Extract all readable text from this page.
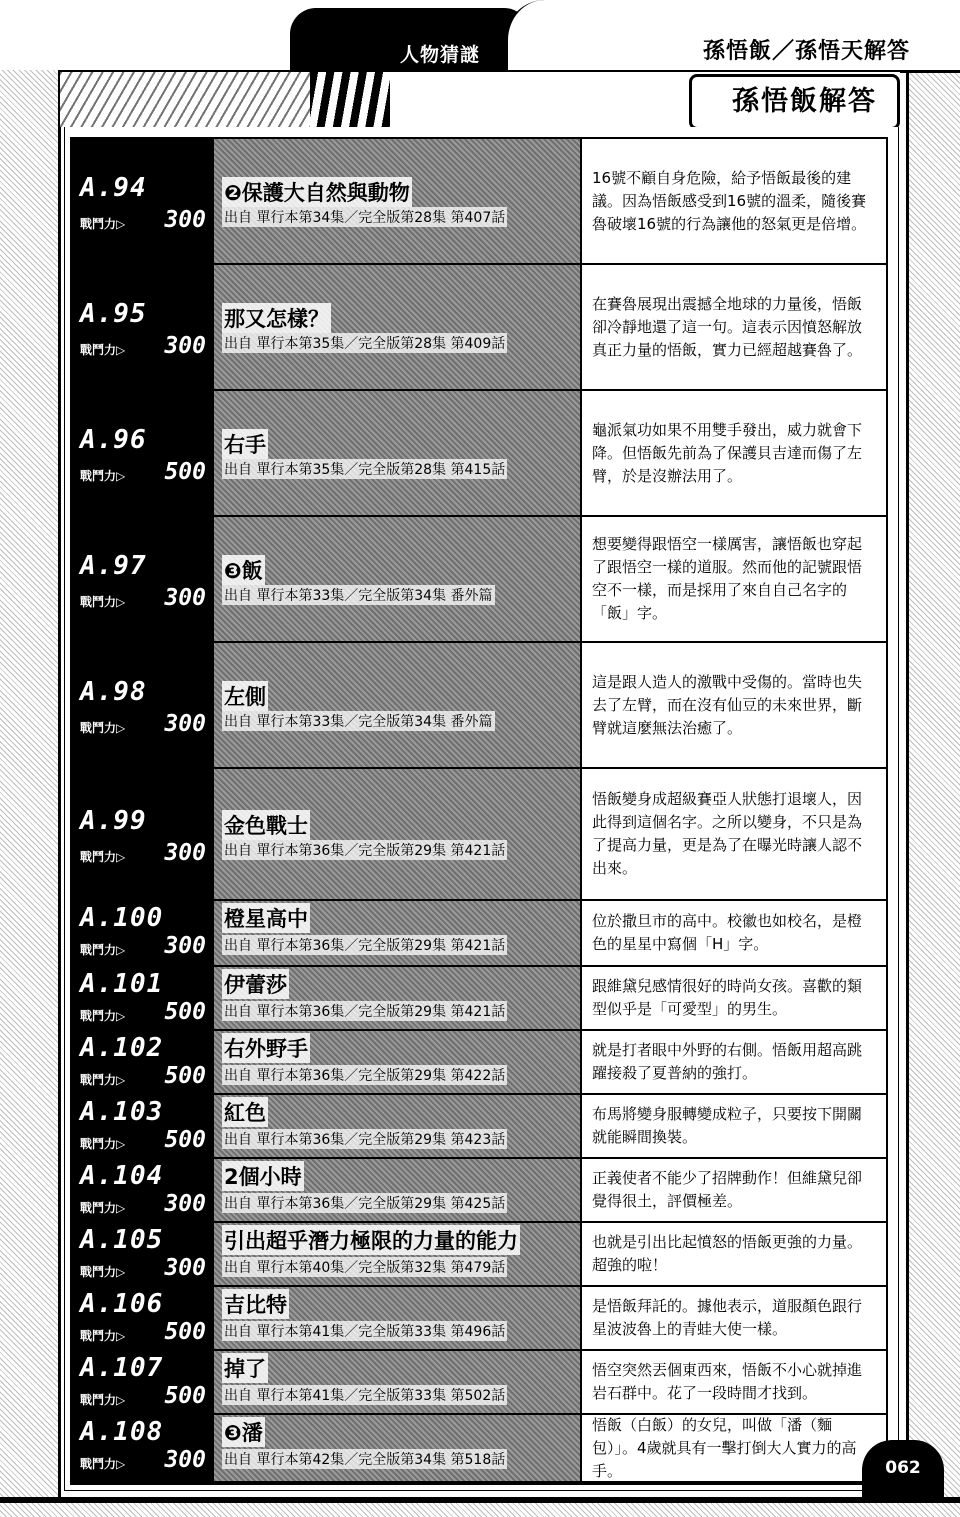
人物猜謎	孫悟飯／孫悟天解答
孫悟飯解答
A.94
戰鬥力▷ 300
❷保護大自然與動物
出自 單行本第34集／完全版第28集 第407話
16號不顧自身危險，給予悟飯最後的建議。因為悟飯感受到16號的溫柔，隨後賽魯破壞16號的行為讓他的怒氣更是倍增。
A.95
戰鬥力▷ 300
那又怎樣？
出自 單行本第35集／完全版第28集 第409話
在賽魯展現出震撼全地球的力量後，悟飯卻冷靜地還了這一句。這表示因憤怒解放真正力量的悟飯，實力已經超越賽魯了。
A.96
戰鬥力▷ 500
右手
出自 單行本第35集／完全版第28集 第415話
龜派氣功如果不用雙手發出，威力就會下降。但悟飯先前為了保護貝吉達而傷了左臂，於是沒辦法用了。
A.97
戰鬥力▷ 300
❸飯
出自 單行本第33集／完全版第34集 番外篇
想要變得跟悟空一樣厲害，讓悟飯也穿起了跟悟空一樣的道服。然而他的記號跟悟空不一樣，而是採用了來自自己名字的「飯」字。
A.98
戰鬥力▷ 300
左側
出自 單行本第33集／完全版第34集 番外篇
這是跟人造人的激戰中受傷的。當時也失去了左臂，而在沒有仙豆的未來世界，斷臂就這麼無法治癒了。
A.99
戰鬥力▷ 300
金色戰士
出自 單行本第36集／完全版第29集 第421話
悟飯變身成超級賽亞人狀態打退壞人，因此得到這個名字。之所以變身，不只是為了提高力量，更是為了在曝光時讓人認不出來。
A.100
戰鬥力▷ 300
橙星高中
出自 單行本第36集／完全版第29集 第421話
位於撒旦市的高中。校徽也如校名，是橙色的星星中寫個「H」字。
A.101
戰鬥力▷ 500
伊蕾莎
出自 單行本第36集／完全版第29集 第421話
跟維黛兒感情很好的時尚女孩。喜歡的類型似乎是「可愛型」的男生。
A.102
戰鬥力▷ 500
右外野手
出自 單行本第36集／完全版第29集 第422話
就是打者眼中外野的右側。悟飯用超高跳躍接殺了夏普納的強打。
A.103
戰鬥力▷ 500
紅色
出自 單行本第36集／完全版第29集 第423話
布馬將變身服轉變成粒子，只要按下開關就能瞬間換裝。
A.104
戰鬥力▷ 300
2個小時
出自 單行本第36集／完全版第29集 第425話
正義使者不能少了招牌動作！但維黛兒卻覺得很土，評價極差。
A.105
戰鬥力▷ 300
引出超乎潛力極限的力量的能力
出自 單行本第40集／完全版第32集 第479話
也就是引出比起憤怒的悟飯更強的力量。超強的啦！
A.106
戰鬥力▷ 500
吉比特
出自 單行本第41集／完全版第33集 第496話
是悟飯拜託的。據他表示，道服顏色跟行星波波魯上的青蛙大使一樣。
A.107
戰鬥力▷ 500
掉了
出自 單行本第41集／完全版第33集 第502話
悟空突然丟個東西來，悟飯不小心就掉進岩石群中。花了一段時間才找到。
A.108
戰鬥力▷ 300
❸潘
出自 單行本第42集／完全版第34集 第518話
悟飯（白飯）的女兒，叫做「潘（麵包）」。4歲就具有一擊打倒大人實力的高手。	062
